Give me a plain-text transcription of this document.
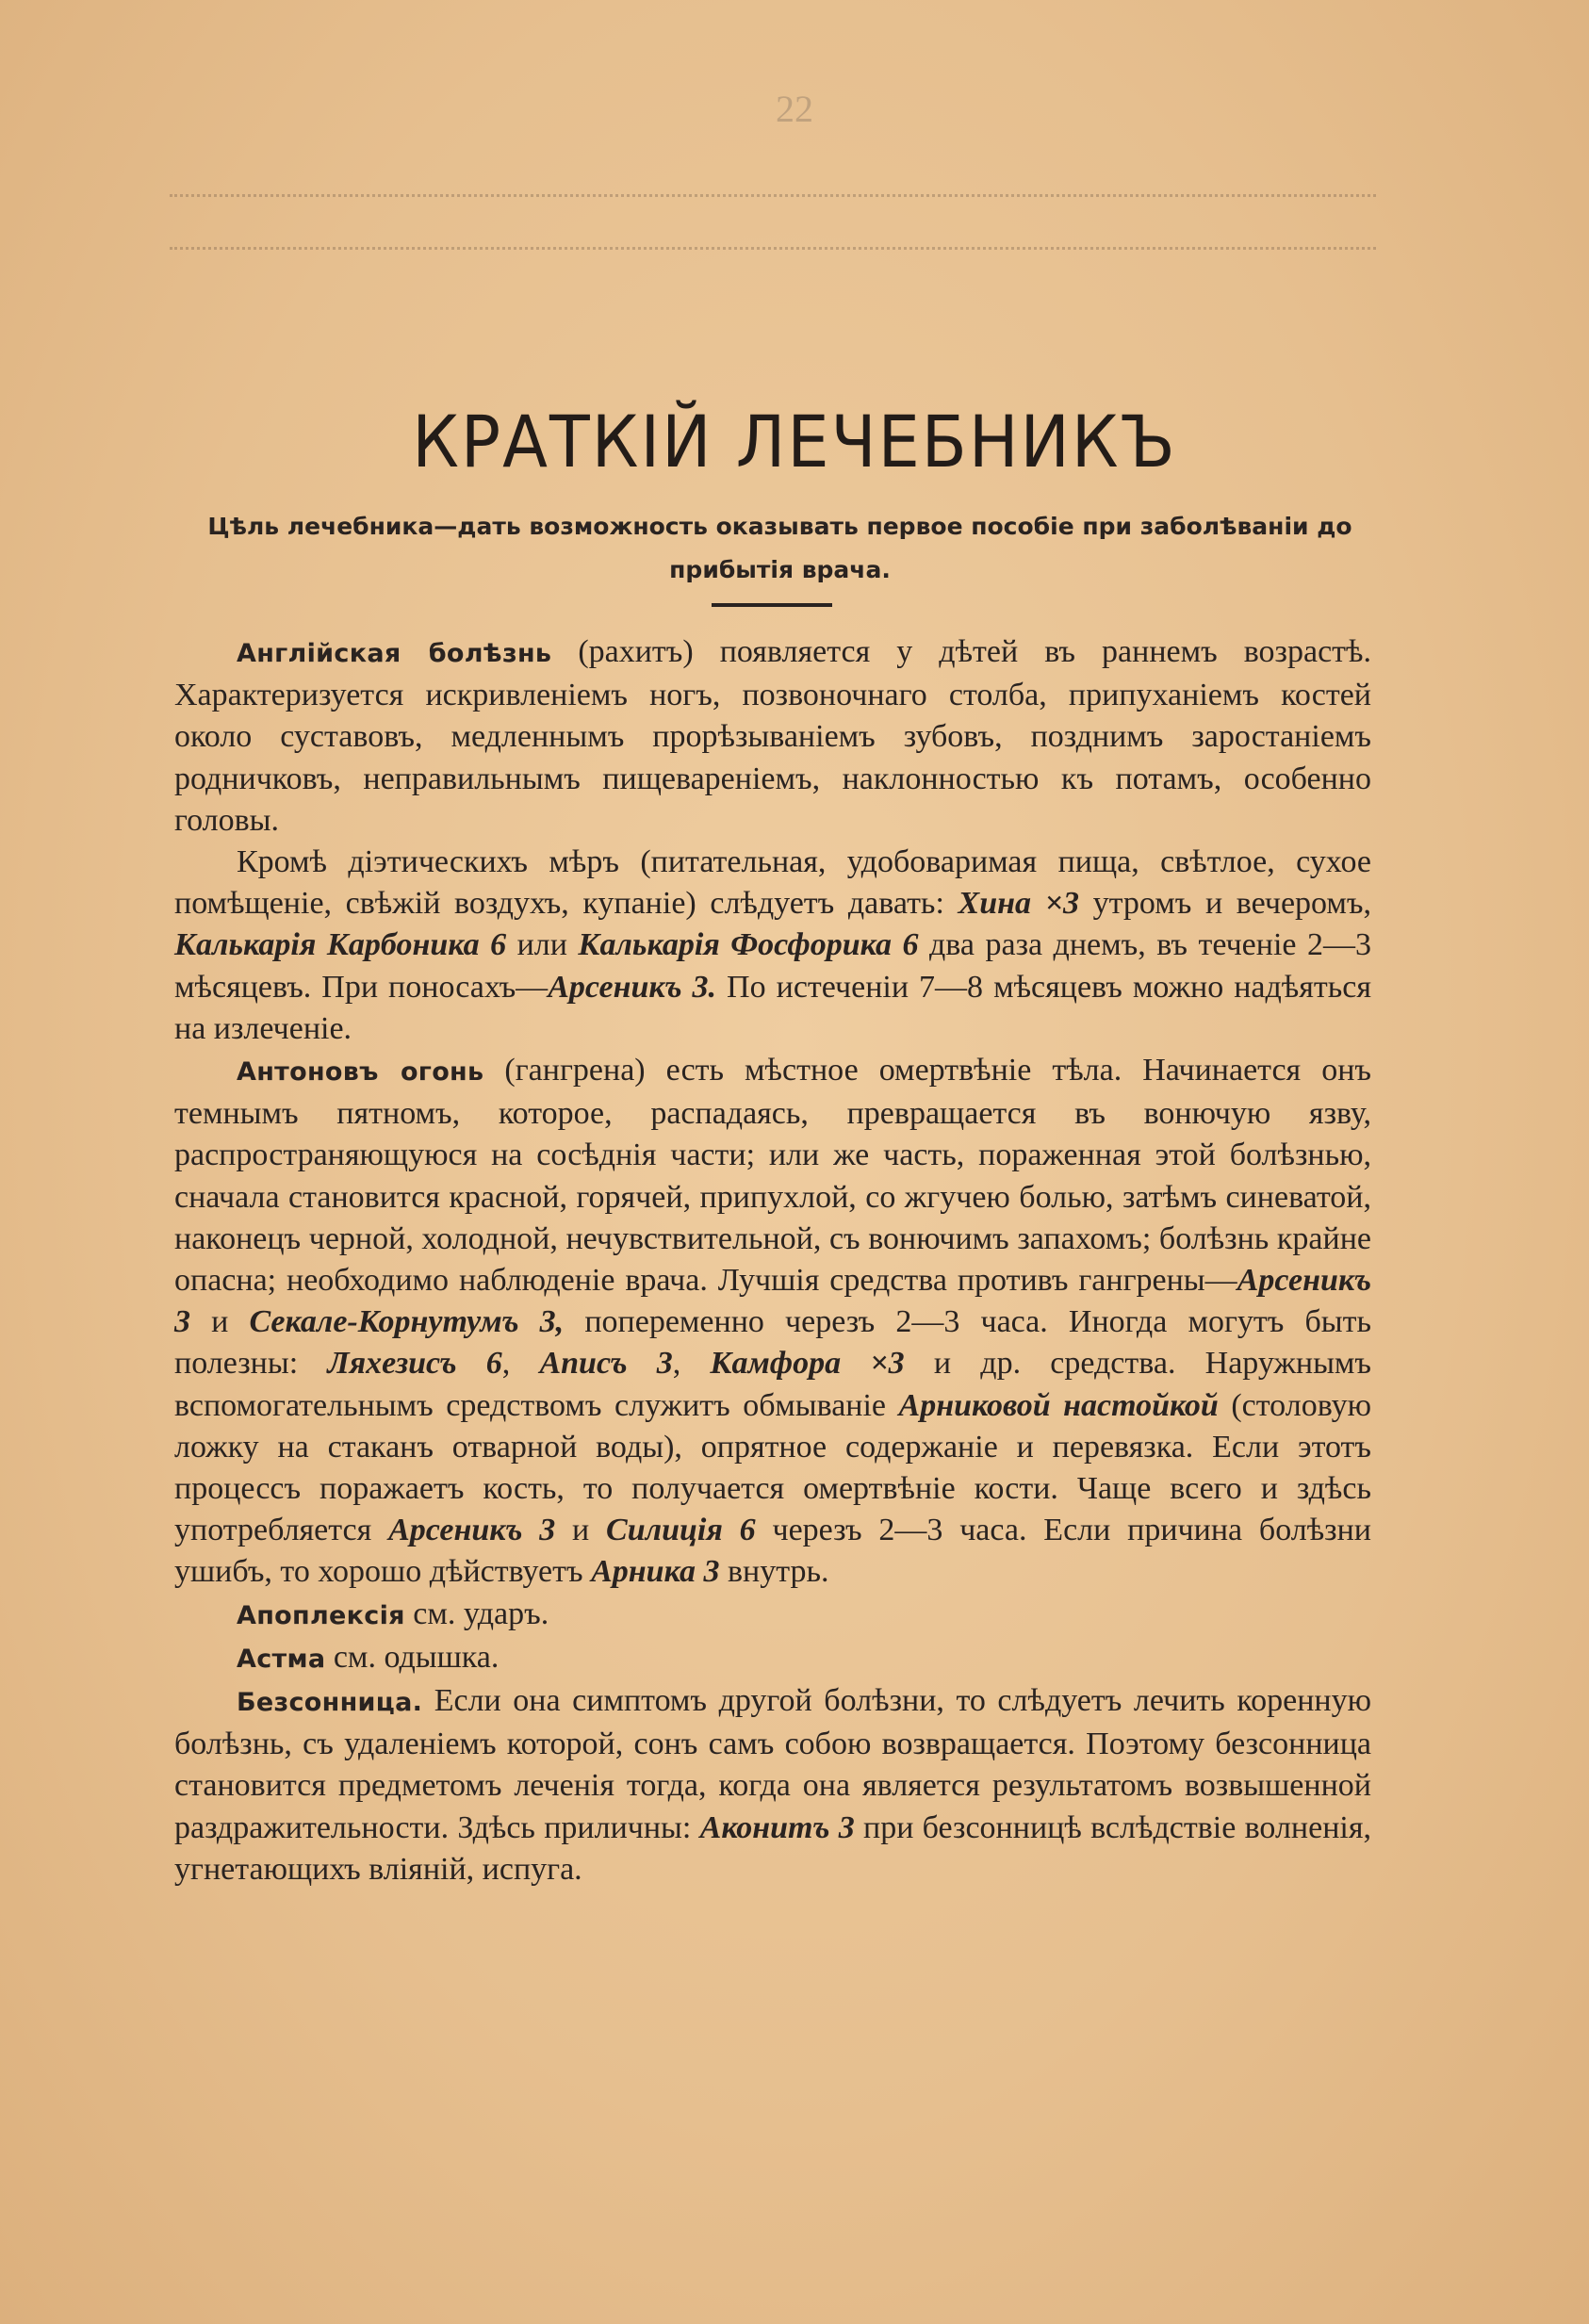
22
КРАТКІЙ ЛЕЧЕБНИКЪ

Цѣль лечебника—дать возможность оказывать первое пособіе при заболѣваніи до прибытія врача.

Англійская болѣзнь (рахитъ) появляется у дѣтей въ раннемъ возрастѣ. Характеризуется искривленіемъ ногъ, позвоночнаго столба, припуханіемъ костей около суставовъ, медленнымъ прорѣзываніемъ зубовъ, позднимъ заростаніемъ родничковъ, неправильнымъ пищевареніемъ, наклонностью къ потамъ, особенно головы.

Кромѣ діэтическихъ мѣръ (питательная, удобоваримая пища, свѣтлое, сухое помѣщеніе, свѣжій воздухъ, купаніе) слѣдуетъ давать: Хина ×3 утромъ и вечеромъ, Калькарія Карбоника 6 или Калькарія Фосфорика 6 два раза днемъ, въ теченіе 2—3 мѣсяцевъ. При поносахъ—Арсеникъ 3. По истеченіи 7—8 мѣсяцевъ можно надѣяться на излеченіе.

Антоновъ огонь (гангрена) есть мѣстное омертвѣніе тѣла. Начинается онъ темнымъ пятномъ, которое, распадаясь, превращается въ вонючую язву, распространяющуюся на сосѣднія части; или же часть, пораженная этой болѣзнью, сначала становится красной, горячей, припухлой, со жгучею болью, затѣмъ синеватой, наконецъ черной, холодной, нечувствительной, съ вонючимъ запахомъ; болѣзнь крайне опасна; необходимо наблюденіе врача. Лучшія средства противъ гангрены—Арсеникъ 3 и Секале-Корнутумъ 3, попеременно черезъ 2—3 часа. Иногда могутъ быть полезны: Ляхезисъ 6, Аписъ 3, Камфора ×3 и др. средства. Наружнымъ вспомогательнымъ средствомъ служитъ обмываніе Арниковой настойкой (столовую ложку на стаканъ отварной воды), опрятное содержаніе и перевязка. Если этотъ процессъ поражаетъ кость, то получается омертвѣніе кости. Чаще всего и здѣсь употребляется Арсеникъ 3 и Силиція 6 черезъ 2—3 часа. Если причина болѣзни ушибъ, то хорошо дѣйствуетъ Арника 3 внутрь.

Апоплексія см. ударъ.

Астма см. одышка.

Безсонница. Если она симптомъ другой болѣзни, то слѣдуетъ лечить коренную болѣзнь, съ удаленіемъ которой, сонъ самъ собою возвращается. Поэтому безсонница становится предметомъ леченія тогда, когда она является результатомъ возвышенной раздражительности. Здѣсь приличны: Аконитъ 3 при безсонницѣ вслѣдствіе волненія, угнетающихъ вліяній, испуга.
